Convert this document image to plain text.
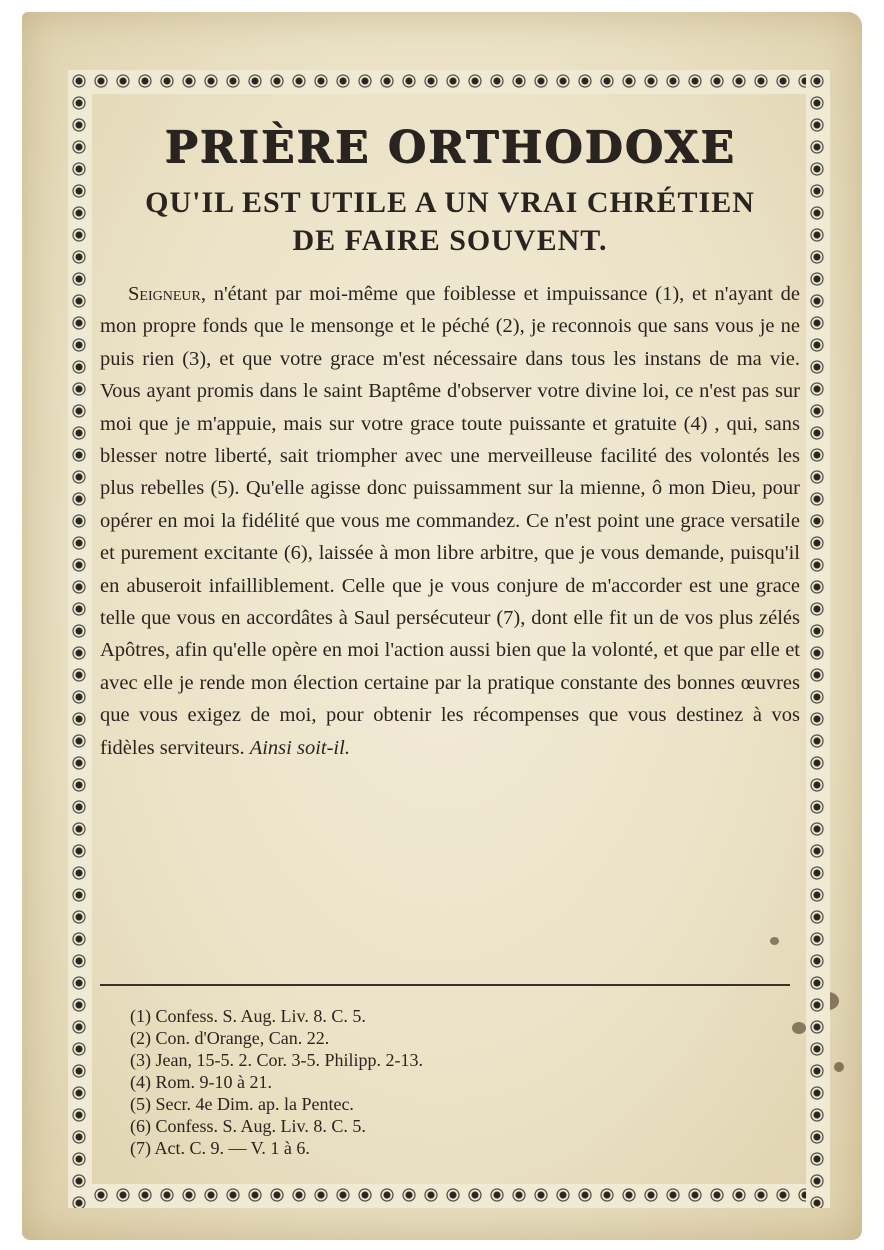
PRIÈRE ORTHODOXE
QU'IL EST UTILE A UN VRAI CHRÉTIEN
DE FAIRE SOUVENT.

Seigneur, n'étant par moi-même que foiblesse et impuissance (1), et n'ayant de mon propre fonds que le mensonge et le péché (2), je reconnois que sans vous je ne puis rien (3), et que votre grace m'est nécessaire dans tous les instans de ma vie. Vous ayant promis dans le saint Baptême d'observer votre divine loi, ce n'est pas sur moi que je m'appuie, mais sur votre grace toute puissante et gratuite (4) , qui, sans blesser notre liberté, sait triompher avec une merveilleuse facilité des volontés les plus rebelles (5). Qu'elle agisse donc puissamment sur la mienne, ô mon Dieu, pour opérer en moi la fidélité que vous me commandez. Ce n'est point une grace versatile et purement excitante (6), laissée à mon libre arbitre, que je vous demande, puisqu'il en abuseroit infailliblement. Celle que je vous conjure de m'accorder est une grace telle que vous en accordâtes à Saul persécuteur (7), dont elle fit un de vos plus zélés Apôtres, afin qu'elle opère en moi l'action aussi bien que la volonté, et que par elle et avec elle je rende mon élection certaine par la pratique constante des bonnes œuvres que vous exigez de moi, pour obtenir les récompenses que vous destinez à vos fidèles serviteurs. Ainsi soit-il.

(1) Confess. S. Aug. Liv. 8. C. 5.
(2) Con. d'Orange, Can. 22.
(3) Jean, 15-5. 2. Cor. 3-5. Philipp. 2-13.
(4) Rom. 9-10 à 21.
(5) Secr. 4e Dim. ap. la Pentec.
(6) Confess. S. Aug. Liv. 8. C. 5.
(7) Act. C. 9. — V. 1 à 6.
